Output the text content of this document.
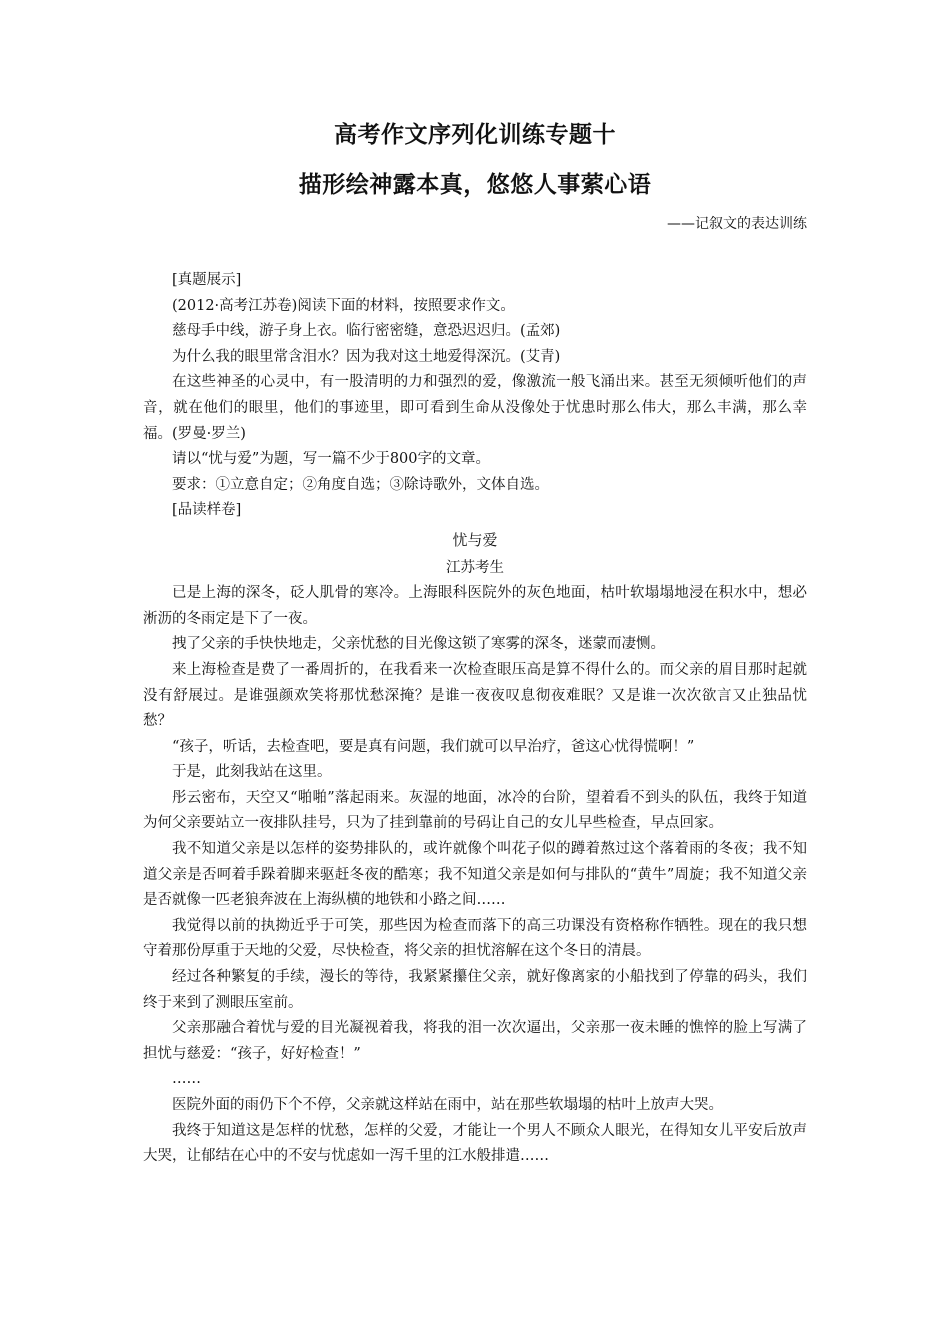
高考作文序列化训练专题十
描形绘神露本真，悠悠人事萦心语
——记叙文的表达训练

[真题展示]

(2012·高考江苏卷)阅读下面的材料，按照要求作文。

慈母手中线，游子身上衣。临行密密缝，意恐迟迟归。(孟郊)

为什么我的眼里常含泪水？因为我对这土地爱得深沉。(艾青)

在这些神圣的心灵中，有一股清明的力和强烈的爱，像激流一般飞涌出来。甚至无须倾听他们的声音，就在他们的眼里，他们的事迹里，即可看到生命从没像处于忧患时那么伟大，那么丰满，那么幸福。(罗曼·罗兰)

请以“忧与爱”为题，写一篇不少于800字的文章。

要求：①立意自定；②角度自选；③除诗歌外，文体自选。

[品读样卷]

忧与爱

江苏考生

已是上海的深冬，砭人肌骨的寒冷。上海眼科医院外的灰色地面，枯叶软塌塌地浸在积水中，想必淅沥的冬雨定是下了一夜。

拽了父亲的手快快地走，父亲忧愁的目光像这锁了寒雾的深冬，迷蒙而凄恻。

来上海检查是费了一番周折的，在我看来一次检查眼压高是算不得什么的。而父亲的眉目那时起就没有舒展过。是谁强颜欢笑将那忧愁深掩？是谁一夜夜叹息彻夜难眠？又是谁一次次欲言又止独品忧愁？

“孩子，听话，去检查吧，要是真有问题，我们就可以早治疗，爸这心忧得慌啊！”

于是，此刻我站在这里。

彤云密布，天空又“啪啪”落起雨来。灰湿的地面，冰冷的台阶，望着看不到头的队伍，我终于知道为何父亲要站立一夜排队挂号，只为了挂到靠前的号码让自己的女儿早些检查，早点回家。

我不知道父亲是以怎样的姿势排队的，或许就像个叫花子似的蹲着熬过这个落着雨的冬夜；我不知道父亲是否呵着手跺着脚来驱赶冬夜的酷寒；我不知道父亲是如何与排队的“黄牛”周旋；我不知道父亲是否就像一匹老狼奔波在上海纵横的地铁和小路之间……

我觉得以前的执拗近乎于可笑，那些因为检查而落下的高三功课没有资格称作牺牲。现在的我只想守着那份厚重于天地的父爱，尽快检查，将父亲的担忧溶解在这个冬日的清晨。

经过各种繁复的手续，漫长的等待，我紧紧攥住父亲，就好像离家的小船找到了停靠的码头，我们终于来到了测眼压室前。

父亲那融合着忧与爱的目光凝视着我，将我的泪一次次逼出，父亲那一夜未睡的憔悴的脸上写满了担忧与慈爱：“孩子，好好检查！”

……

医院外面的雨仍下个不停，父亲就这样站在雨中，站在那些软塌塌的枯叶上放声大哭。

我终于知道这是怎样的忧愁，怎样的父爱，才能让一个男人不顾众人眼光，在得知女儿平安后放声大哭，让郁结在心中的不安与忧虑如一泻千里的江水般排遣……
